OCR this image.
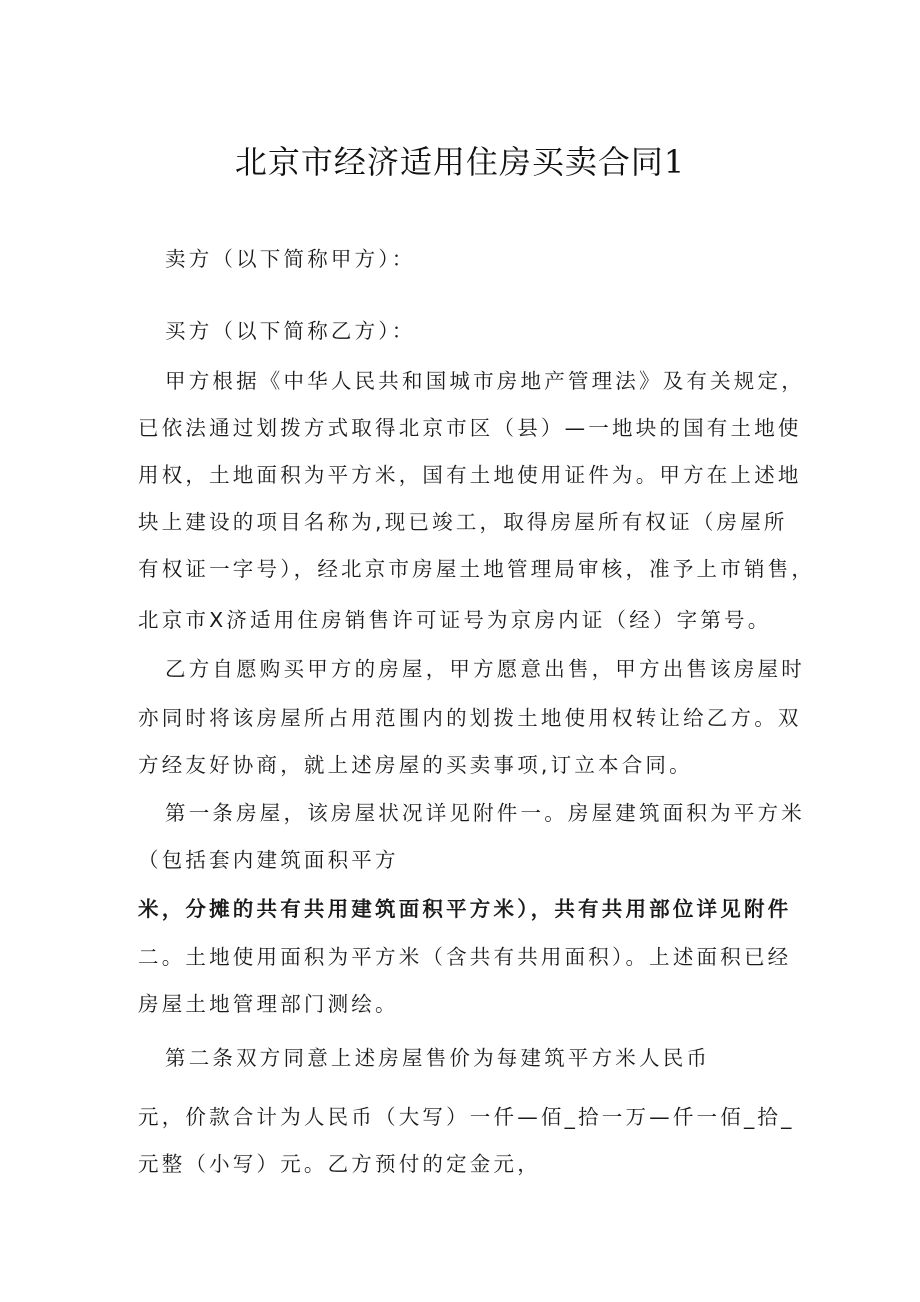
北京市经济适用住房买卖合同1
卖方（以下简称甲方）：
买方（以下简称乙方）：
甲方根据《中华人民共和国城市房地产管理法》及有关规定，
已依法通过划拨方式取得北京市区（县）—一地块的国有土地使
用权，土地面积为平方米，国有土地使用证件为。甲方在上述地
块上建设的项目名称为,现已竣工，取得房屋所有权证（房屋所
有权证一字号），经北京市房屋土地管理局审核，准予上市销售，
北京市X济适用住房销售许可证号为京房内证（经）字第号。
乙方自愿购买甲方的房屋，甲方愿意出售，甲方出售该房屋时
亦同时将该房屋所占用范围内的划拨土地使用权转让给乙方。双
方经友好协商，就上述房屋的买卖事项,订立本合同。
第一条房屋，该房屋状况详见附件一。房屋建筑面积为平方米
（包括套内建筑面积平方
米，分摊的共有共用建筑面积平方米），共有共用部位详见附件
二。土地使用面积为平方米（含共有共用面积）。上述面积已经
房屋土地管理部门测绘。
第二条双方同意上述房屋售价为每建筑平方米人民币
元，价款合计为人民币（大写）一仟—佰_拾一万—仟一佰_拾_
元整（小写）元。乙方预付的定金元，
